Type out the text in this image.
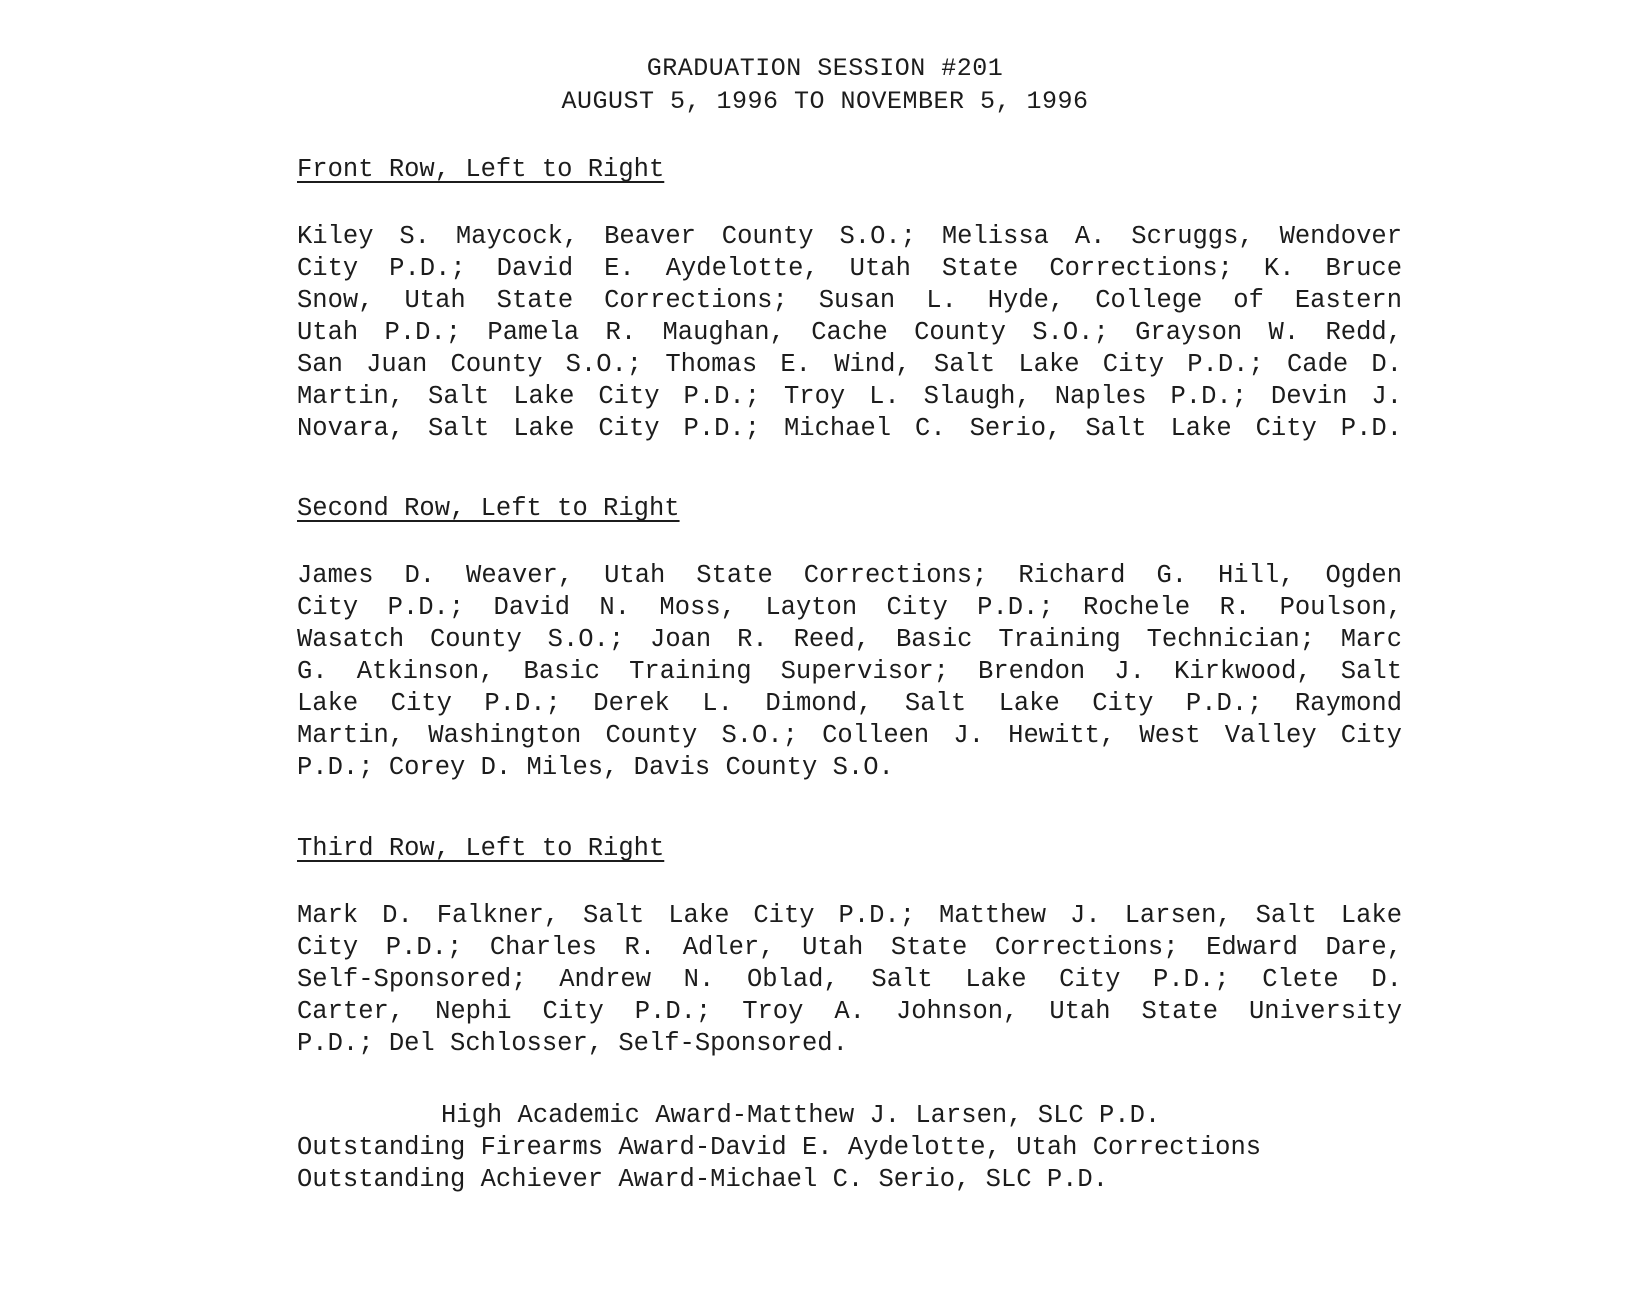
GRADUATION SESSION #201
AUGUST 5, 1996 TO NOVEMBER 5, 1996
Front Row, Left to Right
Kiley S. Maycock, Beaver County S.O.; Melissa A. Scruggs, Wendover
City P.D.; David E. Aydelotte, Utah State Corrections; K. Bruce
Snow, Utah State Corrections; Susan L. Hyde, College of Eastern
Utah P.D.; Pamela R. Maughan, Cache County S.O.; Grayson W. Redd,
San Juan County S.O.; Thomas E. Wind, Salt Lake City P.D.; Cade D.
Martin, Salt Lake City P.D.; Troy L. Slaugh, Naples P.D.; Devin J.
Novara, Salt Lake City P.D.; Michael C. Serio, Salt Lake City P.D.
Second Row, Left to Right
James D. Weaver, Utah State Corrections; Richard G. Hill, Ogden
City P.D.; David N. Moss, Layton City P.D.; Rochele R. Poulson,
Wasatch County S.O.; Joan R. Reed, Basic Training Technician; Marc
G. Atkinson, Basic Training Supervisor; Brendon J. Kirkwood, Salt
Lake City P.D.; Derek L. Dimond, Salt Lake City P.D.; Raymond
Martin, Washington County S.O.; Colleen J. Hewitt, West Valley City
P.D.; Corey D. Miles, Davis County S.O.
Third Row, Left to Right
Mark D. Falkner, Salt Lake City P.D.; Matthew J. Larsen, Salt Lake
City P.D.; Charles R. Adler, Utah State Corrections; Edward Dare,
Self-Sponsored; Andrew N. Oblad, Salt Lake City P.D.; Clete D.
Carter, Nephi City P.D.; Troy A. Johnson, Utah State University
P.D.; Del Schlosser, Self-Sponsored.
High Academic Award-Matthew J. Larsen, SLC P.D.
Outstanding Firearms Award-David E. Aydelotte, Utah Corrections
Outstanding Achiever Award-Michael C. Serio, SLC P.D.
